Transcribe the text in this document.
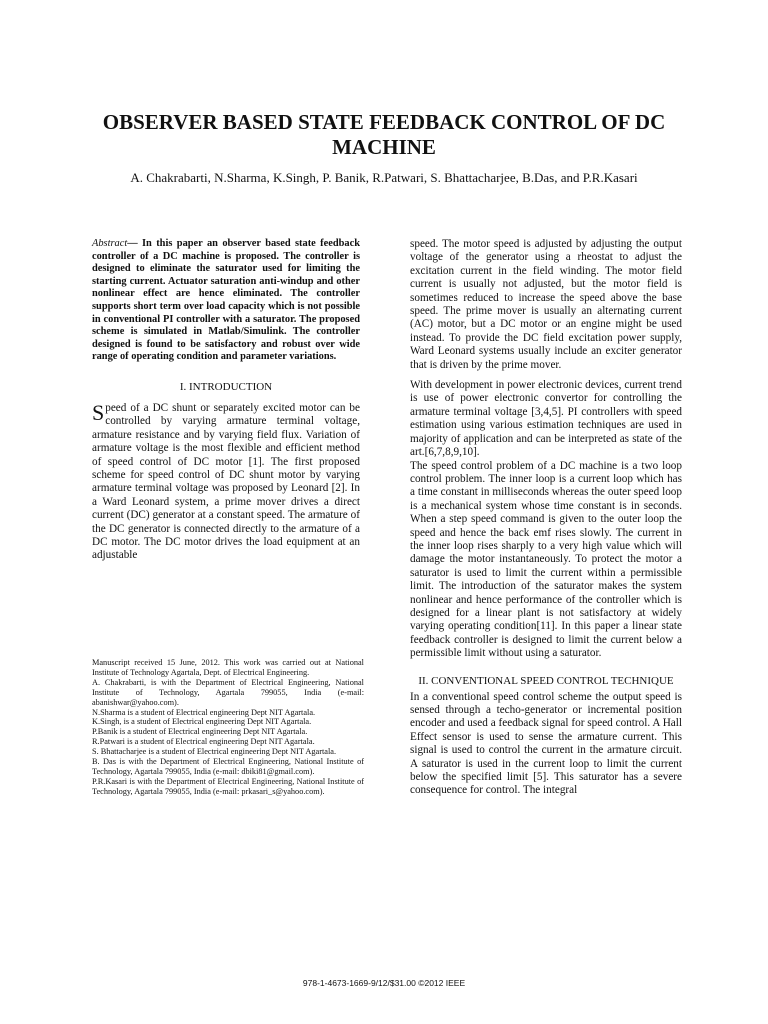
OBSERVER BASED STATE FEEDBACK CONTROL OF DC MACHINE
A. Chakrabarti, N.Sharma, K.Singh, P. Banik, R.Patwari, S. Bhattacharjee, B.Das, and P.R.Kasari

Abstract— In this paper an observer based state feedback controller of a DC machine is proposed. The controller is designed to eliminate the saturator used for limiting the starting current. Actuator saturation anti-windup and other nonlinear effect are hence eliminated. The controller supports short term over load capacity which is not possible in conventional PI controller with a saturator. The proposed scheme is simulated in Matlab/Simulink. The controller designed is found to be satisfactory and robust over wide range of operating condition and parameter variations.

I. INTRODUCTION

Speed of a DC shunt or separately excited motor can be controlled by varying armature terminal voltage, armature resistance and by varying field flux. Variation of armature voltage is the most flexible and efficient method of speed control of DC motor [1]. The first proposed scheme for speed control of DC shunt motor by varying armature terminal voltage was proposed by Leonard [2]. In a Ward Leonard system, a prime mover drives a direct current (DC) generator at a constant speed. The armature of the DC generator is connected directly to the armature of a DC motor. The DC motor drives the load equipment at an adjustable

Manuscript received 15 June, 2012. This work was carried out at National Institute of Technology Agartala, Dept. of Electrical Engineering.

A. Chakrabarti, is with the Department of Electrical Engineering, National Institute of Technology, Agartala 799055, India (e-mail: abanishwar@yahoo.com).

N.Sharma is a student of Electrical engineering Dept NIT Agartala.

K.Singh, is a student of Electrical engineering Dept NIT Agartala.

P.Banik is a student of Electrical engineering Dept NIT Agartala.

R.Patwari is a student of Electrical engineering Dept NIT Agartala.

S. Bhattacharjee is a student of Electrical engineering Dept NIT Agartala.

B. Das is with the Department of Electrical Engineering, National Institute of Technology, Agartala 799055, India (e-mail: dbiki81@gmail.com).

P.R.Kasari is with the Department of Electrical Engineering, National Institute of Technology, Agartala 799055, India (e-mail: prkasari_s@yahoo.com).

speed. The motor speed is adjusted by adjusting the output voltage of the generator using a rheostat to adjust the excitation current in the field winding. The motor field current is usually not adjusted, but the motor field is sometimes reduced to increase the speed above the base speed. The prime mover is usually an alternating current (AC) motor, but a DC motor or an engine might be used instead. To provide the DC field excitation power supply, Ward Leonard systems usually include an exciter generator that is driven by the prime mover.

With development in power electronic devices, current trend is use of power electronic convertor for controlling the armature terminal voltage [3,4,5]. PI controllers with speed estimation using various estimation techniques are used in majority of application and can be interpreted as state of the art.[6,7,8,9,10].

The speed control problem of a DC machine is a two loop control problem. The inner loop is a current loop which has a time constant in milliseconds whereas the outer speed loop is a mechanical system whose time constant is in seconds. When a step speed command is given to the outer loop the speed and hence the back emf rises slowly. The current in the inner loop rises sharply to a very high value which will damage the motor instantaneously. To protect the motor a saturator is used to limit the current within a permissible limit. The introduction of the saturator makes the system nonlinear and hence performance of the controller which is designed for a linear plant is not satisfactory at widely varying operating condition[11]. In this paper a linear state feedback controller is designed to limit the current below a permissible limit without using a saturator.

II. CONVENTIONAL SPEED CONTROL TECHNIQUE

In a conventional speed control scheme the output speed is sensed through a techo-generator or incremental position encoder and used a feedback signal for speed control. A Hall Effect sensor is used to sense the armature current. This signal is used to control the current in the armature circuit. A saturator is used in the current loop to limit the current below the specified limit [5]. This saturator has a severe consequence for control. The integral

978-1-4673-1669-9/12/$31.00 ©2012 IEEE
